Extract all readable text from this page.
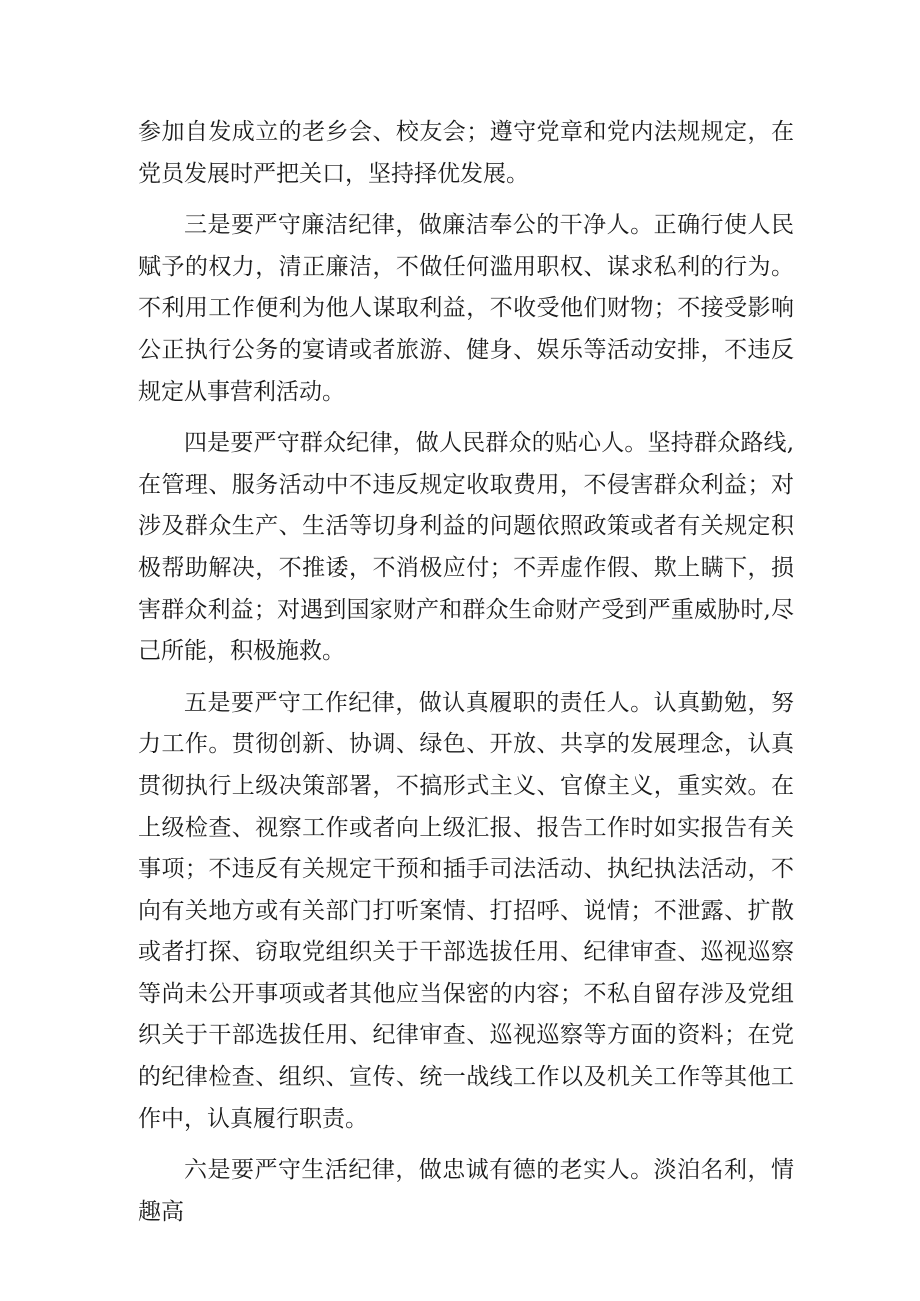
参加自发成立的老乡会、校友会；遵守党章和党内法规规定，在党员发展时严把关口，坚持择优发展。

三是要严守廉洁纪律，做廉洁奉公的干净人。正确行使人民赋予的权力，清正廉洁，不做任何滥用职权、谋求私利的行为。不利用工作便利为他人谋取利益，不收受他们财物；不接受影响公正执行公务的宴请或者旅游、健身、娱乐等活动安排，不违反规定从事营利活动。

四是要严守群众纪律，做人民群众的贴心人。坚持群众路线,在管理、服务活动中不违反规定收取费用，不侵害群众利益；对涉及群众生产、生活等切身利益的问题依照政策或者有关规定积极帮助解决，不推诿，不消极应付；不弄虚作假、欺上瞒下，损害群众利益；对遇到国家财产和群众生命财产受到严重威胁时,尽己所能，积极施救。

五是要严守工作纪律，做认真履职的责任人。认真勤勉，努力工作。贯彻创新、协调、绿色、开放、共享的发展理念，认真贯彻执行上级决策部署，不搞形式主义、官僚主义，重实效。在上级检查、视察工作或者向上级汇报、报告工作时如实报告有关事项；不违反有关规定干预和插手司法活动、执纪执法活动，不向有关地方或有关部门打听案情、打招呼、说情；不泄露、扩散或者打探、窃取党组织关于干部选拔任用、纪律审查、巡视巡察等尚未公开事项或者其他应当保密的内容；不私自留存涉及党组织关于干部选拔任用、纪律审查、巡视巡察等方面的资料；在党的纪律检查、组织、宣传、统一战线工作以及机关工作等其他工作中，认真履行职责。

六是要严守生活纪律，做忠诚有德的老实人。淡泊名利，情趣高
